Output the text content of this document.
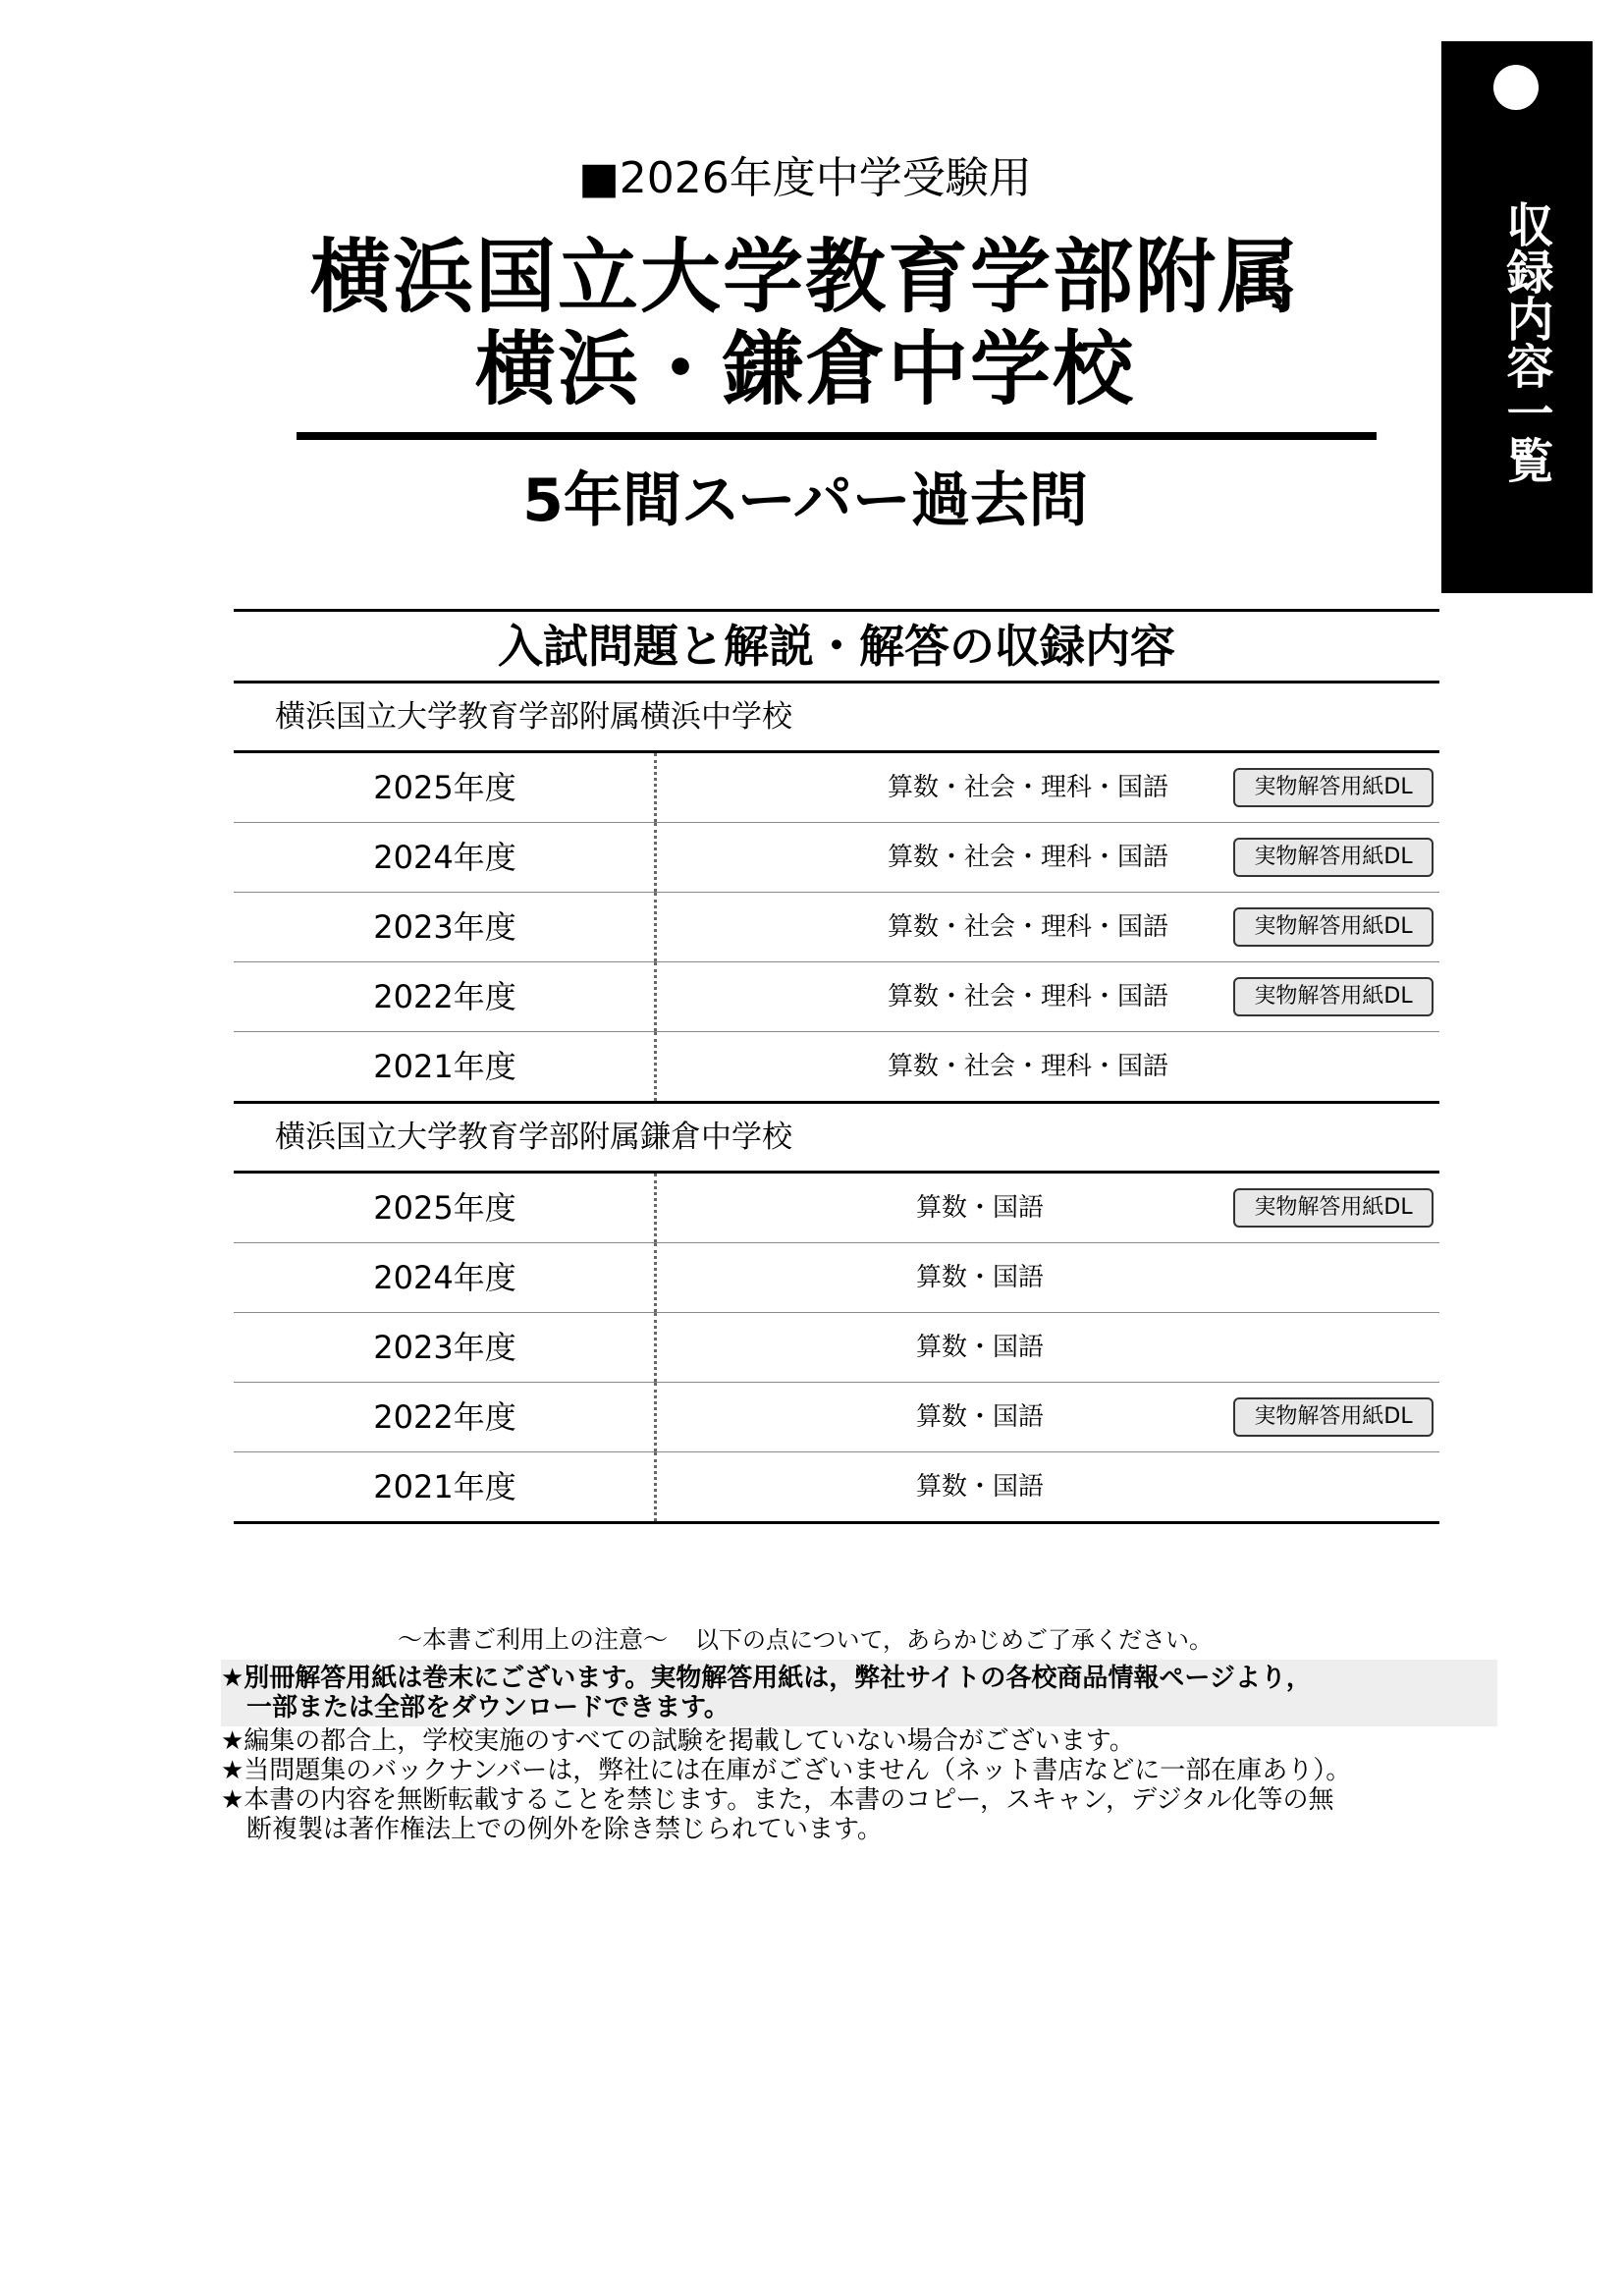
収録内容一覧
■2026年度中学受験用
横浜国立大学教育学部附属
横浜・鎌倉中学校
5年間スーパー過去問
入試問題と解説・解答の収録内容
横浜国立大学教育学部附属横浜中学校
2025年度	算数・社会・理科・国語	実物解答用紙DL
2024年度	算数・社会・理科・国語	実物解答用紙DL
2023年度	算数・社会・理科・国語	実物解答用紙DL
2022年度	算数・社会・理科・国語	実物解答用紙DL
2021年度	算数・社会・理科・国語
横浜国立大学教育学部附属鎌倉中学校
2025年度	算数・国語	実物解答用紙DL
2024年度	算数・国語
2023年度	算数・国語
2022年度	算数・国語	実物解答用紙DL
2021年度	算数・国語
〜本書ご利用上の注意〜 以下の点について，あらかじめご了承ください。
★別冊解答用紙は巻末にございます。実物解答用紙は，弊社サイトの各校商品情報ページより，
　一部または全部をダウンロードできます。
★編集の都合上，学校実施のすべての試験を掲載していない場合がございます。
★当問題集のバックナンバーは，弊社には在庫がございません（ネット書店などに一部在庫あり）。
★本書の内容を無断転載することを禁じます。また，本書のコピー，スキャン，デジタル化等の無
　断複製は著作権法上での例外を除き禁じられています。
